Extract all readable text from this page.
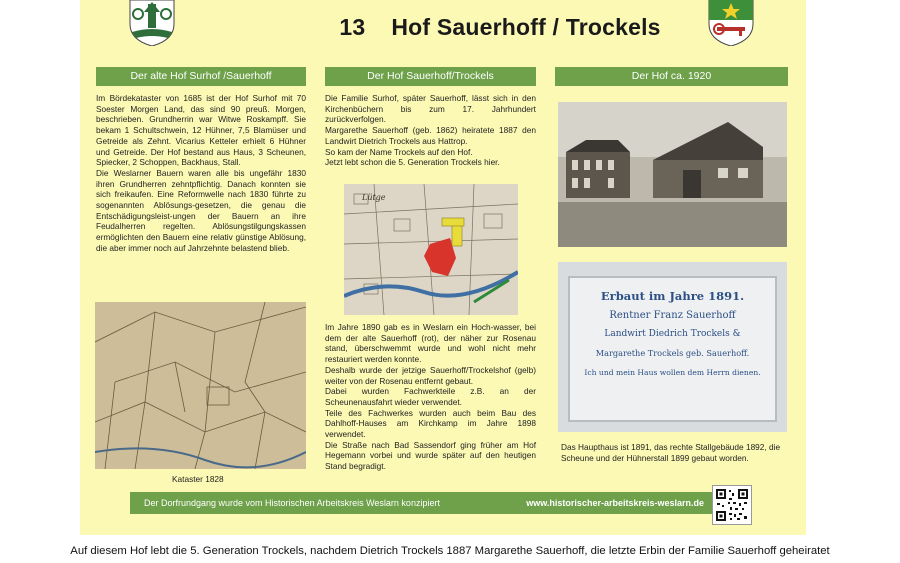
13 Hof Sauerhoff / Trockels
Der alte Hof Surhof /Sauerhoff

Im Bördekataster von 1685 ist der Hof Surhof mit 70 Soester Morgen Land, das sind 90 preuß. Morgen, beschrieben. Grundherrin war Witwe Roskampff. Sie bekam 1 Schultschwein, 12 Hühner, 7,5 Blamüser und Getreide als Zehnt. Vicarius Ketteler erhielt 6 Hühner und Getreide. Der Hof bestand aus Haus, 3 Scheunen, Spiecker, 2 Schoppen, Backhaus, Stall.

Die Weslarner Bauern waren alle bis ungefähr 1830 ihren Grundherren zehntpflichtig. Danach konnten sie sich freikaufen. Eine Reformwelle nach 1830 führte zu sogenannten Ablösungs-gesetzen, die genau die Entschädigungsleist-ungen der Bauern an ihre Feudalherren regelten. Ablösungstilgungskassen ermöglichten den Bauern eine relativ günstige Ablösung, die aber immer noch auf Jahrzehnte belastend blieb.

Kataster 1828
Der Hof Sauerhoff/Trockels

Die Familie Surhof, später Sauerhoff, lässt sich in den Kirchenbüchern bis zum 17. Jahrhundert zurückverfolgen.

Margarethe Sauerhoff (geb. 1862) heiratete 1887 den Landwirt Dietrich Trockels aus Hattrop.

So kam der Name Trockels auf den Hof.

Jetzt lebt schon die 5. Generation Trockels hier.

Lütge

Im Jahre 1890 gab es in Weslarn ein Hoch-wasser, bei dem der alte Sauerhoff (rot), der näher zur Rosenau stand, überschwemmt wurde und wohl nicht mehr restauriert werden konnte.

Deshalb wurde der jetzige Sauerhoff/Trockelshof (gelb) weiter von der Rosenau entfernt gebaut.

Dabei wurden Fachwerkteile z.B. an der Scheunenausfahrt wieder verwendet.

Teile des Fachwerkes wurden auch beim Bau des Dahlhoff-Hauses am Kirchkamp im Jahre 1898 verwendet.

Die Straße nach Bad Sassendorf ging früher am Hof Hegemann vorbei und wurde später auf den heutigen Stand begradigt.

Der Hof ca. 1920
Erbaut im Jahre 1891.
Rentner Franz Sauerhoff
Landwirt Diedrich Trockels &
Margarethe Trockels geb. Sauerhoff.
Ich und mein Haus wollen dem Herrn dienen.
Das Haupthaus ist 1891, das rechte Stallgebäude 1892, die Scheune und der Hühnerstall 1899 gebaut worden.
Der Dorfrundgang wurde vom Historischen Arbeitskreis Weslarn konzipiert	www.historischer-arbeitskreis-weslarn.de
Auf diesem Hof lebt die 5. Generation Trockels, nachdem Dietrich Trockels 1887 Margarethe Sauerhoff, die letzte Erbin der Familie Sauerhoff geheiratet
